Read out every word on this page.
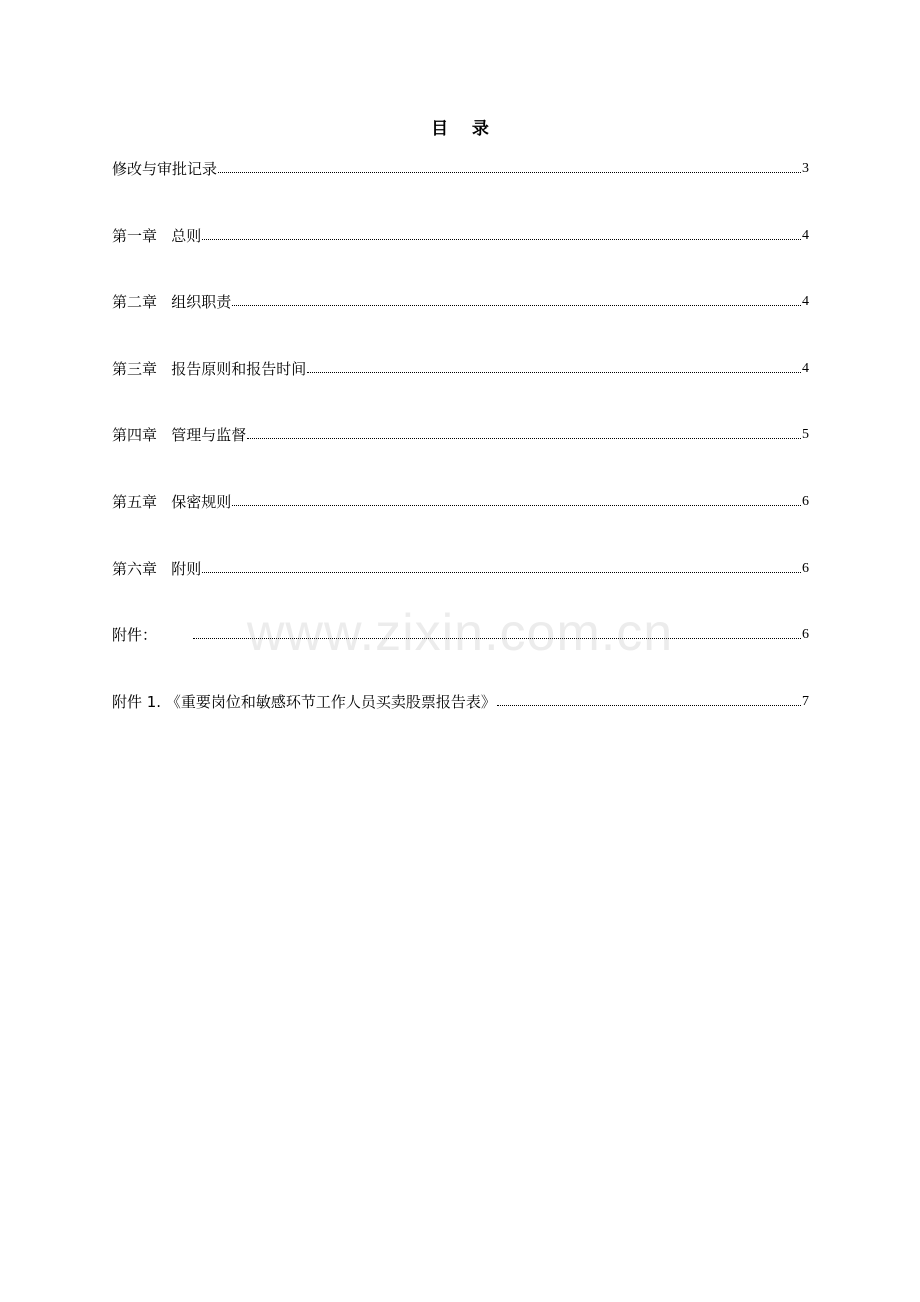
目    录
修改与审批记录	3
第一章   总则	4
第二章   组织职责	4
第三章   报告原则和报告时间	4
第四章   管理与监督	5
第五章   保密规则	6
第六章   附则	6
附件：	6
附件 1. 《重要岗位和敏感环节工作人员买卖股票报告表》	7
www.zixin.com.cn
